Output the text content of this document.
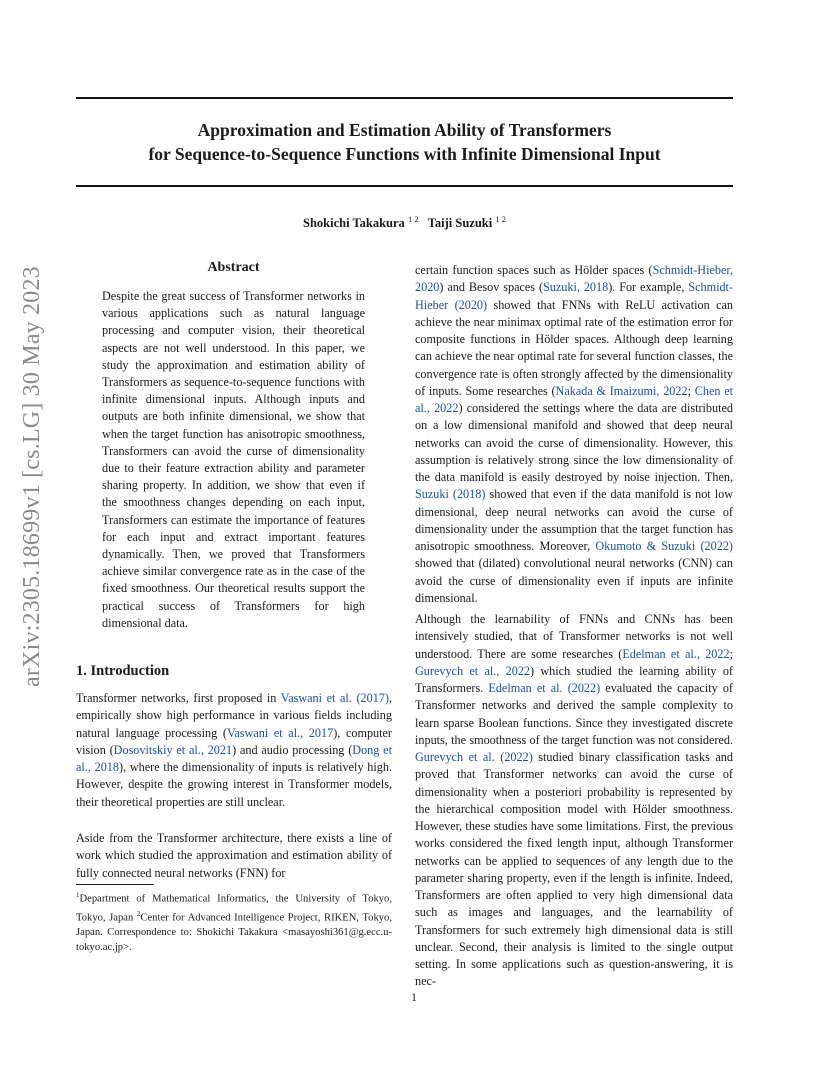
Approximation and Estimation Ability of Transformers
for Sequence-to-Sequence Functions with Infinite Dimensional Input
Shokichi Takakura $^{1 2}$ Taiji Suzuki $^{1 2}$
arXiv:2305.18699v1 [cs.LG] 30 May 2023	Abstract

Despite the great success of Transformer networks in various applications such as natural language processing and computer vision, their theoretical aspects are not well understood. In this paper, we study the approximation and estimation ability of Transformers as sequence-to-sequence functions with infinite dimensional inputs. Although inputs and outputs are both infinite dimensional, we show that when the target function has anisotropic smoothness, Transformers can avoid the curse of dimensionality due to their feature extraction ability and parameter sharing property. In addition, we show that even if the smoothness changes depending on each input, Transformers can estimate the importance of features for each input and extract important features dynamically. Then, we proved that Transformers achieve similar convergence rate as in the case of the fixed smoothness. Our theoretical results support the practical success of Transformers for high dimensional data.

1. Introduction

Transformer networks, first proposed in Vaswani et al. (2017), empirically show high performance in various fields including natural language processing (Vaswani et al., 2017), computer vision (Dosovitskiy et al., 2021) and audio processing (Dong et al., 2018), where the dimensionality of inputs is relatively high. However, despite the growing interest in Transformer models, their theoretical properties are still unclear.

Aside from the Transformer architecture, there exists a line of work which studied the approximation and estimation ability of fully connected neural networks (FNN) for

$^1$Department of Mathematical Informatics, the University of Tokyo, Tokyo, Japan $^2$Center for Advanced Intelligence Project, RIKEN, Tokyo, Japan. Correspondence to: Shokichi Takakura <masayoshi361@g.ecc.u-tokyo.ac.jp>.

certain function spaces such as Hölder spaces (Schmidt-Hieber, 2020) and Besov spaces (Suzuki, 2018). For example, Schmidt-Hieber (2020) showed that FNNs with ReLU activation can achieve the near minimax optimal rate of the estimation error for composite functions in Hölder spaces. Although deep learning can achieve the near optimal rate for several function classes, the convergence rate is often strongly affected by the dimensionality of inputs. Some researches (Nakada & Imaizumi, 2022; Chen et al., 2022) considered the settings where the data are distributed on a low dimensional manifold and showed that deep neural networks can avoid the curse of dimensionality. However, this assumption is relatively strong since the low dimensionality of the data manifold is easily destroyed by noise injection. Then, Suzuki (2018) showed that even if the data manifold is not low dimensional, deep neural networks can avoid the curse of dimensionality under the assumption that the target function has anisotropic smoothness. Moreover, Okumoto & Suzuki (2022) showed that (dilated) convolutional neural networks (CNN) can avoid the curse of dimensionality even if inputs are infinite dimensional.

Although the learnability of FNNs and CNNs has been intensively studied, that of Transformer networks is not well understood. There are some researches (Edelman et al., 2022; Gurevych et al., 2022) which studied the learning ability of Transformers. Edelman et al. (2022) evaluated the capacity of Transformer networks and derived the sample complexity to learn sparse Boolean functions. Since they investigated discrete inputs, the smoothness of the target function was not considered. Gurevych et al. (2022) studied binary classification tasks and proved that Transformer networks can avoid the curse of dimensionality when a posteriori probability is represented by the hierarchical composition model with Hölder smoothness. However, these studies have some limitations. First, the previous works considered the fixed length input, although Transformer networks can be applied to sequences of any length due to the parameter sharing property, even if the length is infinite. Indeed, Transformers are often applied to very high dimensional data such as images and languages, and the learnability of Transformers for such extremely high dimensional data is still unclear. Second, their analysis is limited to the single output setting. In some applications such as question-answering, it is nec-

1
